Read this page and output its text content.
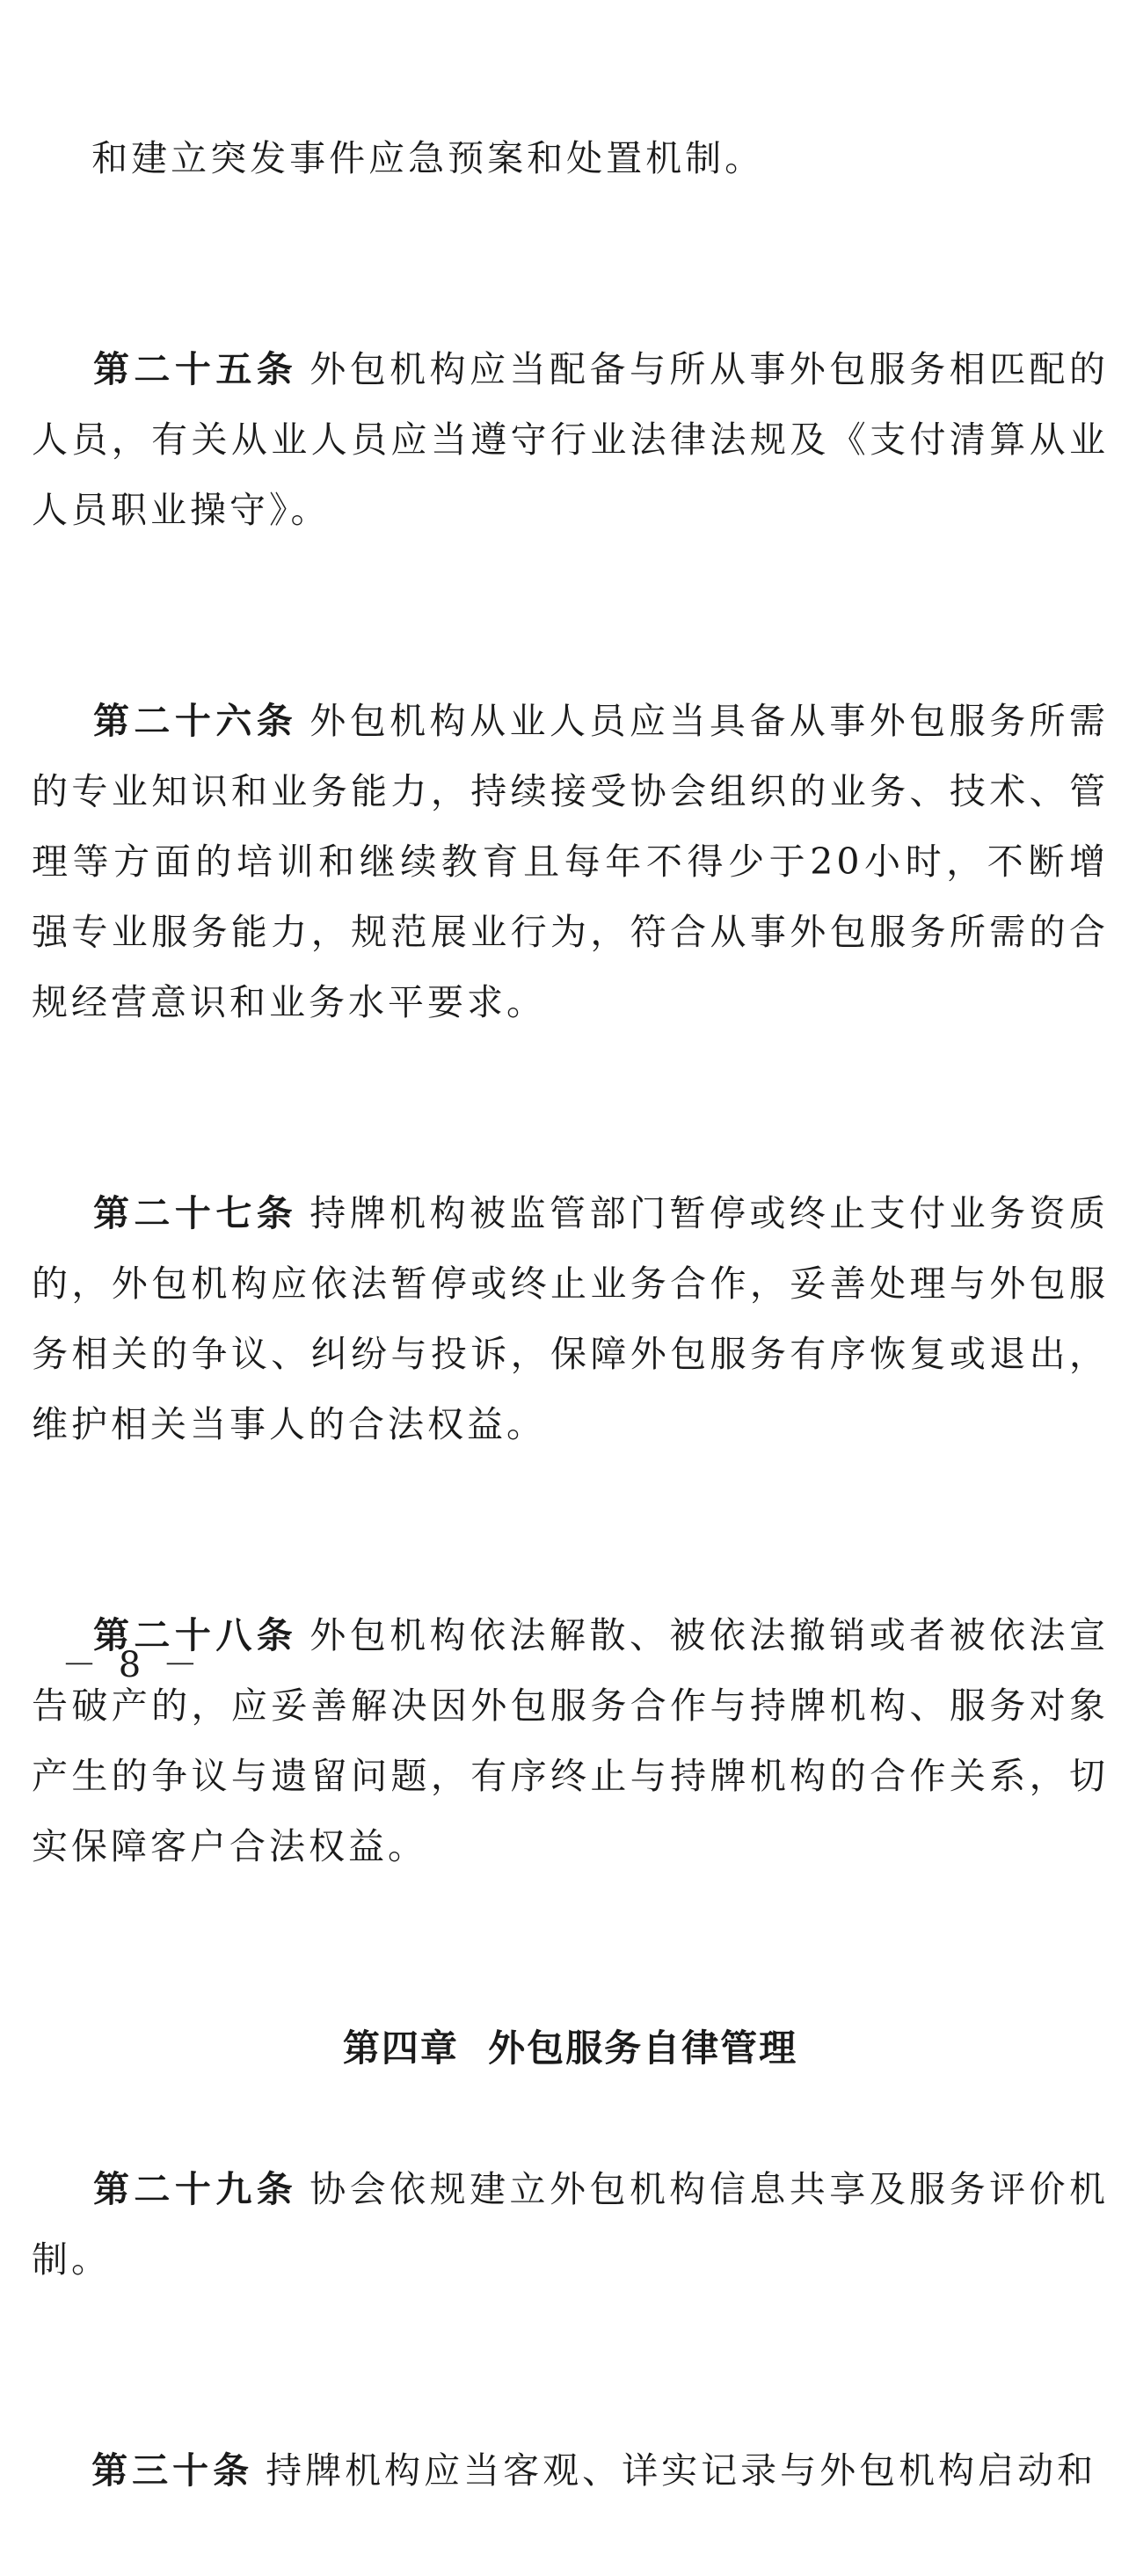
和建立突发事件应急预案和处置机制。

第二十五条 外包机构应当配备与所从事外包服务相匹配的人员，有关从业人员应当遵守行业法律法规及《支付清算从业人员职业操守》。

第二十六条 外包机构从业人员应当具备从事外包服务所需的专业知识和业务能力，持续接受协会组织的业务、技术、管理等方面的培训和继续教育且每年不得少于20小时，不断增强专业服务能力，规范展业行为，符合从事外包服务所需的合规经营意识和业务水平要求。

第二十七条 持牌机构被监管部门暂停或终止支付业务资质的，外包机构应依法暂停或终止业务合作，妥善处理与外包服务相关的争议、纠纷与投诉，保障外包服务有序恢复或退出，维护相关当事人的合法权益。

第二十八条 外包机构依法解散、被依法撤销或者被依法宣告破产的，应妥善解决因外包服务合作与持牌机构、服务对象产生的争议与遗留问题，有序终止与持牌机构的合作关系，切实保障客户合法权益。

第四章  外包服务自律管理

第二十九条 协会依规建立外包机构信息共享及服务评价机制。

第三十条 持牌机构应当客观、详实记录与外包机构启动和

－ 8 －
